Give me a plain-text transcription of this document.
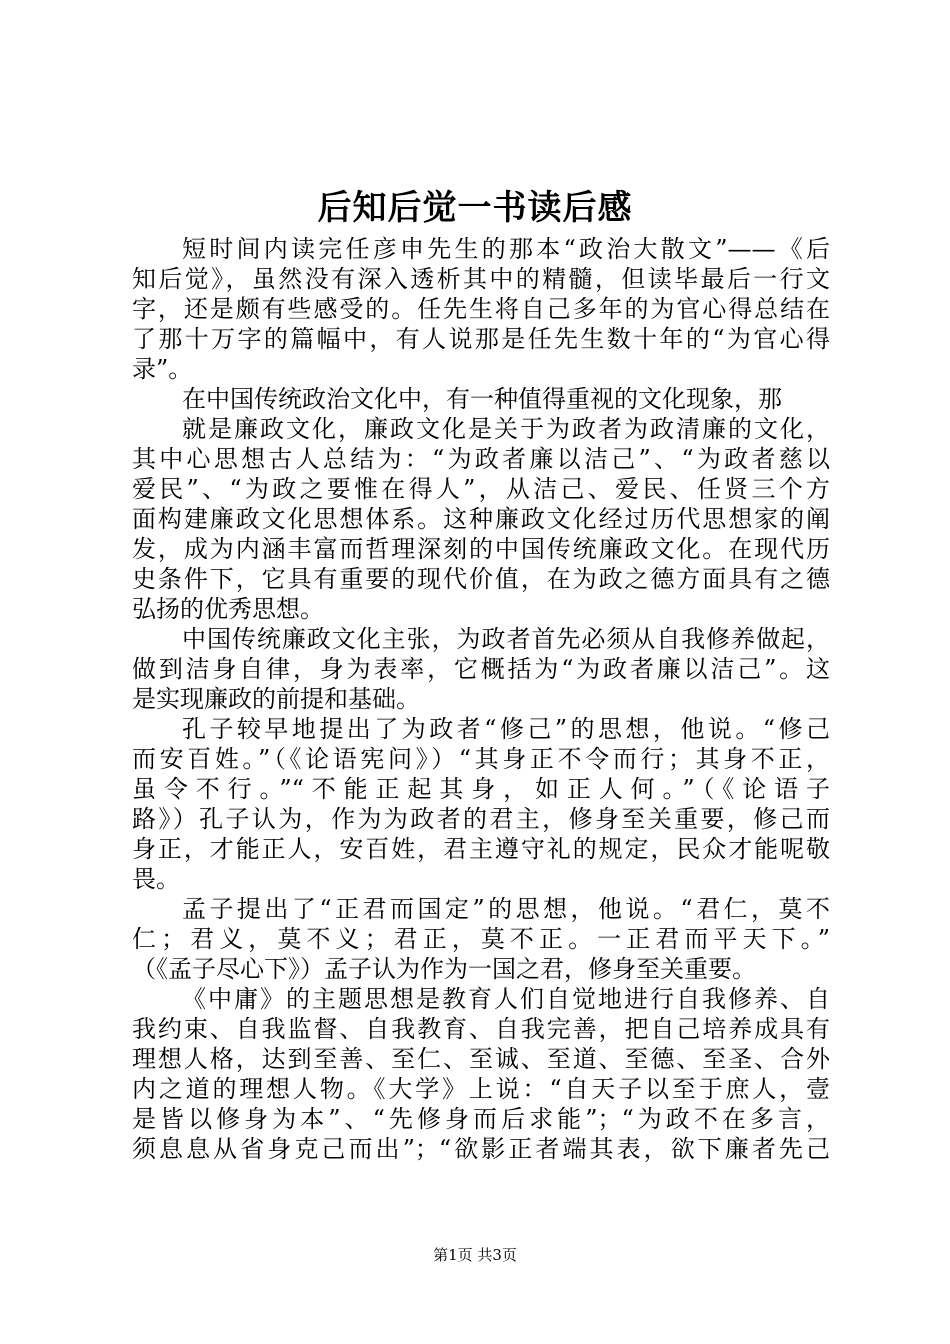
后知后觉一书读后感
短时间内读完任彦申先生的那本“政治大散文”——《后
知后觉》，虽然没有深入透析其中的精髓，但读毕最后一行文
字，还是颇有些感受的。任先生将自己多年的为官心得总结在
了那十万字的篇幅中，有人说那是任先生数十年的“为官心得
录”。
在中国传统政治文化中，有一种值得重视的文化现象，那
就是廉政文化，廉政文化是关于为政者为政清廉的文化，
其中心思想古人总结为：“为政者廉以洁己”、“为政者慈以
爱民”、“为政之要惟在得人”，从洁己、爱民、任贤三个方
面构建廉政文化思想体系。这种廉政文化经过历代思想家的阐
发，成为内涵丰富而哲理深刻的中国传统廉政文化。在现代历
史条件下，它具有重要的现代价值，在为政之德方面具有之德
弘扬的优秀思想。
中国传统廉政文化主张，为政者首先必须从自我修养做起，
做到洁身自律，身为表率，它概括为“为政者廉以洁己”。这
是实现廉政的前提和基础。
孔子较早地提出了为政者“修己”的思想，他说。“修己
而安百姓。”（《论语宪问》）“其身正不令而行；其身不正，
虽令不行。”“不能正起其身，如正人何。”（《论语子
路》）孔子认为，作为为政者的君主，修身至关重要，修己而
身正，才能正人，安百姓，君主遵守礼的规定，民众才能呢敬
畏。
孟子提出了“正君而国定”的思想，他说。“君仁，莫不
仁；君义，莫不义；君正，莫不正。一正君而平天下。”
（《孟子尽心下》）孟子认为作为一国之君，修身至关重要。
《中庸》的主题思想是教育人们自觉地进行自我修养、自
我约束、自我监督、自我教育、自我完善，把自己培养成具有
理想人格，达到至善、至仁、至诚、至道、至德、至圣、合外
内之道的理想人物。《大学》上说：“自天子以至于庶人，壹
是皆以修身为本”、“先修身而后求能”；“为政不在多言，
须息息从省身克己而出”；“欲影正者端其表，欲下廉者先己
第1页 共3页
